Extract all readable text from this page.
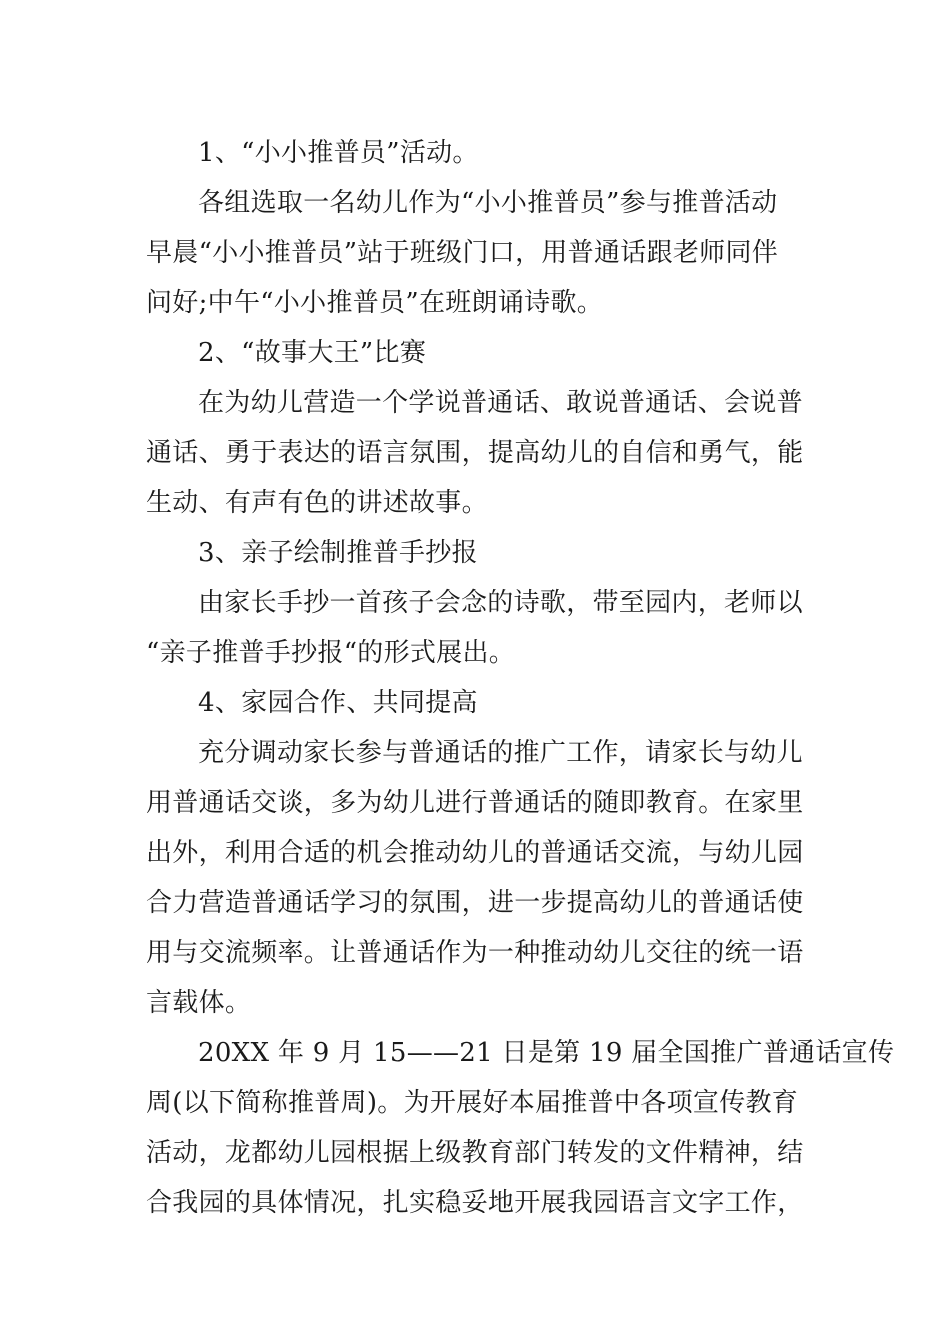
1、“小小推普员”活动。
各组选取一名幼儿作为“小小推普员”参与推普活动
早晨“小小推普员”站于班级门口，用普通话跟老师同伴
问好;中午“小小推普员”在班朗诵诗歌。
2、“故事大王”比赛
在为幼儿营造一个学说普通话、敢说普通话、会说普
通话、勇于表达的语言氛围，提高幼儿的自信和勇气，能
生动、有声有色的讲述故事。
3、亲子绘制推普手抄报
由家长手抄一首孩子会念的诗歌，带至园内，老师以
“亲子推普手抄报“的形式展出。
4、家园合作、共同提高
充分调动家长参与普通话的推广工作，请家长与幼儿
用普通话交谈，多为幼儿进行普通话的随即教育。在家里
出外，利用合适的机会推动幼儿的普通话交流，与幼儿园
合力营造普通话学习的氛围，进一步提高幼儿的普通话使
用与交流频率。让普通话作为一种推动幼儿交往的统一语
言载体。
20XX 年 9 月 15——21 日是第 19 届全国推广普通话宣传
周(以下简称推普周)。为开展好本届推普中各项宣传教育
活动，龙都幼儿园根据上级教育部门转发的文件精神，结
合我园的具体情况，扎实稳妥地开展我园语言文字工作，
